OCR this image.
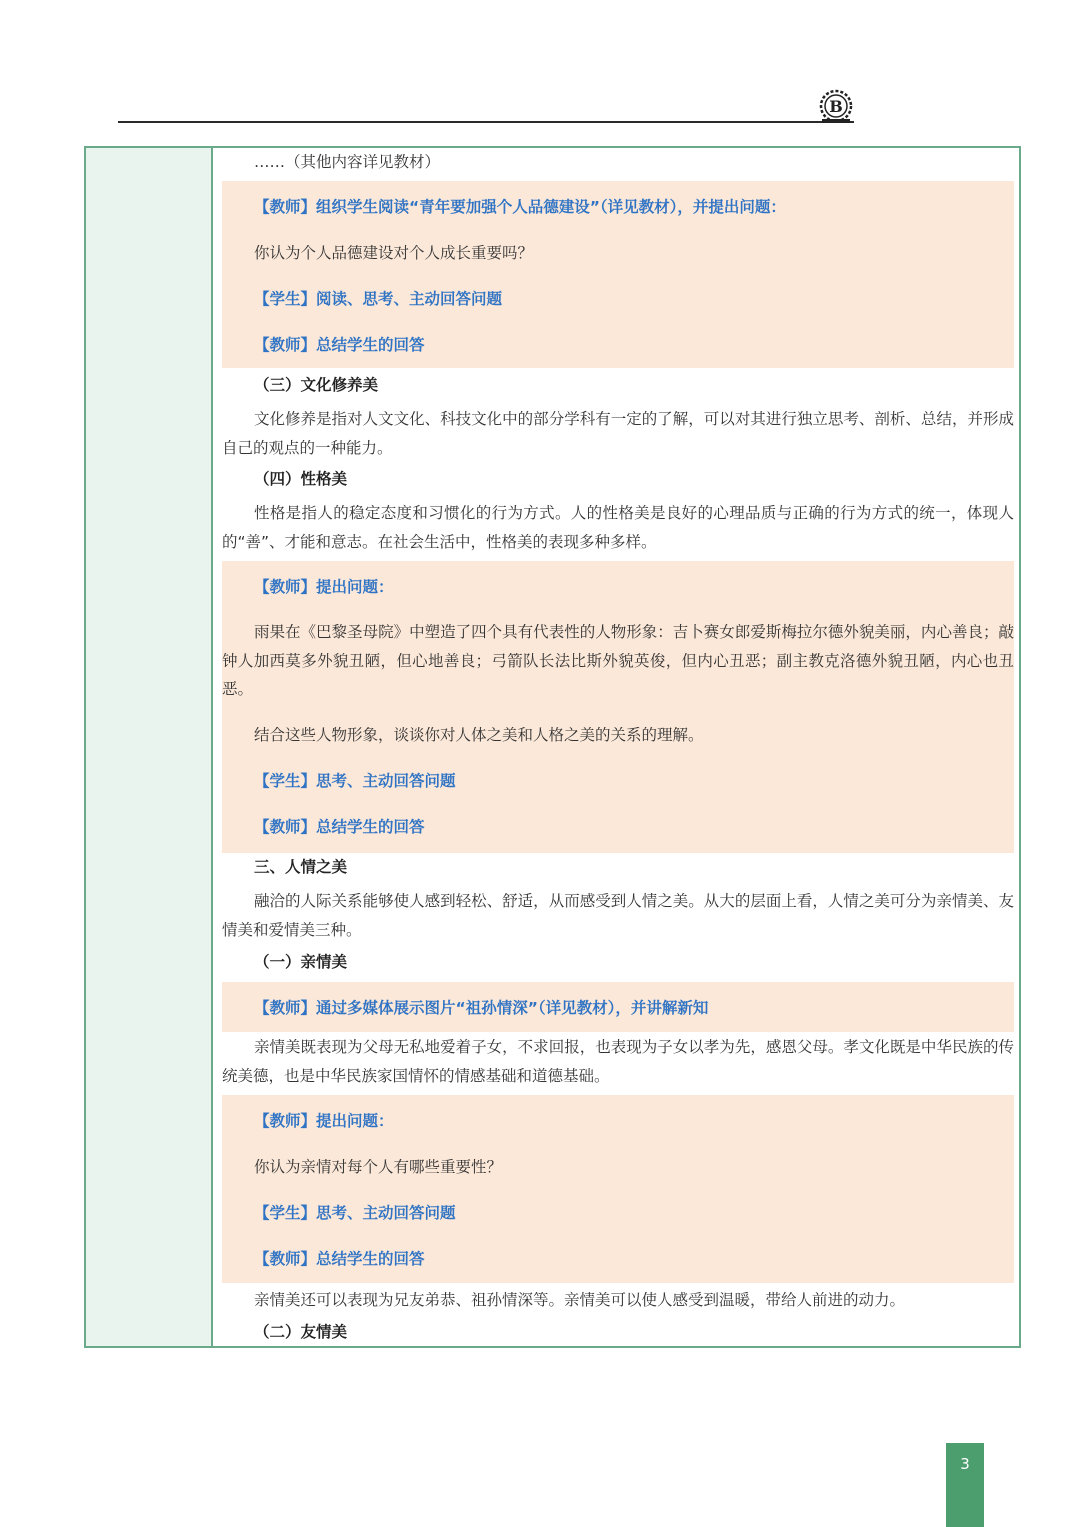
B
……（其他内容详见教材）
【教师】组织学生阅读“青年要加强个人品德建设”（详见教材），并提出问题：
你认为个人品德建设对个人成长重要吗？
【学生】阅读、思考、主动回答问题
【教师】总结学生的回答
（三）文化修养美
文化修养是指对人文文化、科技文化中的部分学科有一定的了解，可以对其进行独立思考、剖析、总结，并形成自己的观点的一种能力。
（四）性格美
性格是指人的稳定态度和习惯化的行为方式。人的性格美是良好的心理品质与正确的行为方式的统一，体现人的“善”、才能和意志。在社会生活中，性格美的表现多种多样。
【教师】提出问题：
雨果在《巴黎圣母院》中塑造了四个具有代表性的人物形象：吉卜赛女郎爱斯梅拉尔德外貌美丽，内心善良；敲钟人加西莫多外貌丑陋，但心地善良；弓箭队长法比斯外貌英俊，但内心丑恶；副主教克洛德外貌丑陋，内心也丑恶。
结合这些人物形象，谈谈你对人体之美和人格之美的关系的理解。
【学生】思考、主动回答问题
【教师】总结学生的回答
三、人情之美
融洽的人际关系能够使人感到轻松、舒适，从而感受到人情之美。从大的层面上看，人情之美可分为亲情美、友情美和爱情美三种。
（一）亲情美
【教师】通过多媒体展示图片“祖孙情深”（详见教材），并讲解新知
亲情美既表现为父母无私地爱着子女，不求回报，也表现为子女以孝为先，感恩父母。孝文化既是中华民族的传统美德，也是中华民族家国情怀的情感基础和道德基础。
【教师】提出问题：
你认为亲情对每个人有哪些重要性？
【学生】思考、主动回答问题
【教师】总结学生的回答
亲情美还可以表现为兄友弟恭、祖孙情深等。亲情美可以使人感受到温暖，带给人前进的动力。
（二）友情美
3
